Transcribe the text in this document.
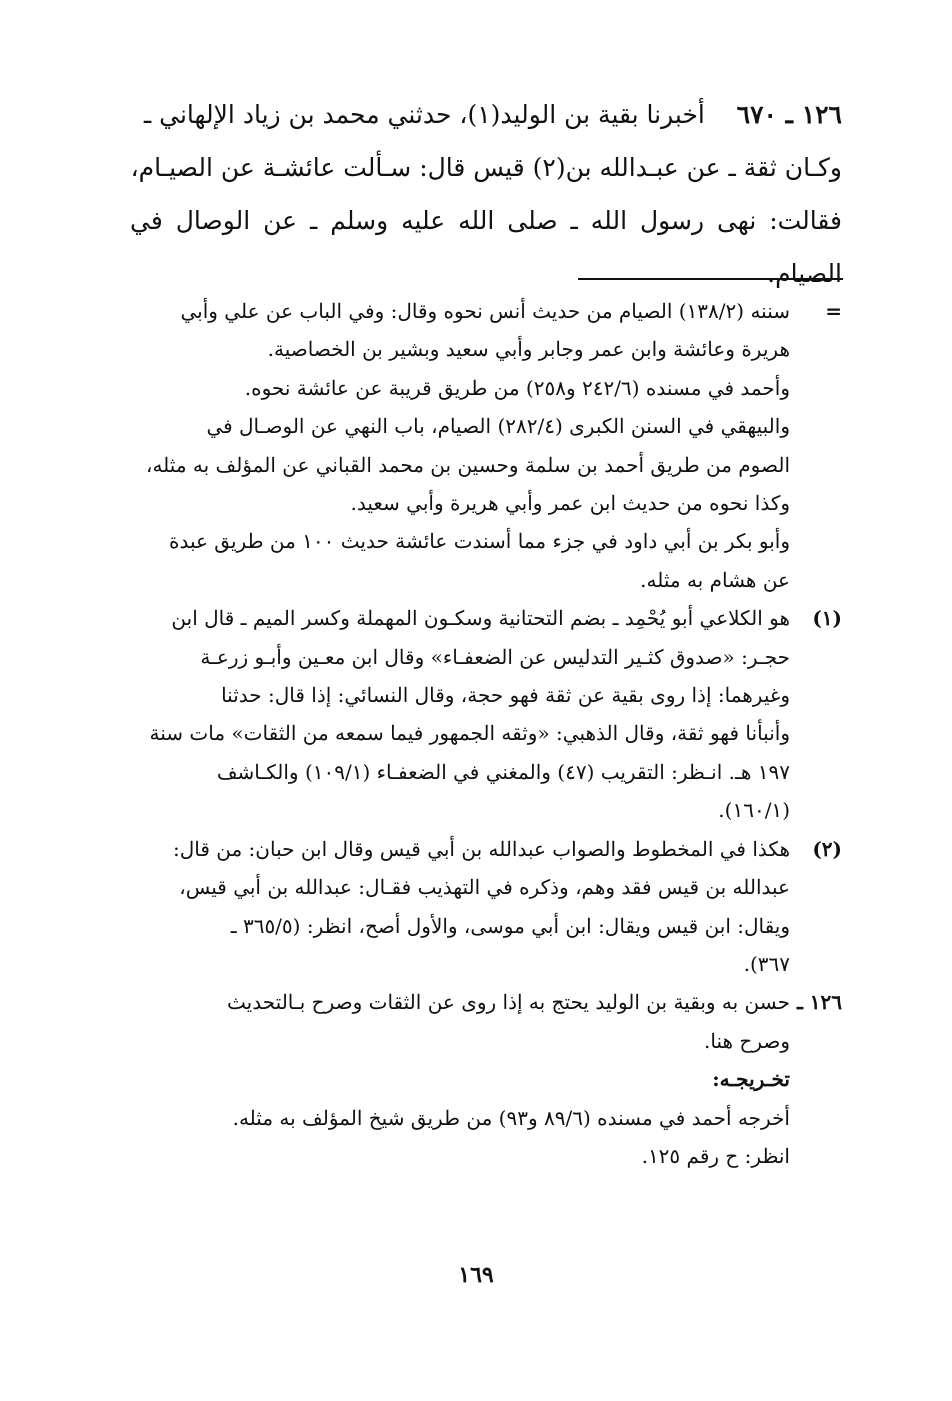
١٢٦ ـ ٦٧٠    أخبرنا بقية بن الوليد(١)، حدثني محمد بن زياد الإلهاني ـ

وكـان ثقة ـ عن عبـدالله بن(٢) قيس قال: سـألت عائشـة عن الصيـام،

فقالت: نهى رسول الله ـ صلى الله عليه وسلم ـ عن الوصال في الصيام.

=

سننه (١٣٨/٢) الصيام من حديث أنس نحوه وقال: وفي الباب عن علي وأبي

هريرة وعائشة وابن عمر وجابر وأبي سعيد وبشير بن الخصاصية.

وأحمد في مسنده (٢٤٢/٦ و٢٥٨) من طريق قريبة عن عائشة نحوه.

والبيهقي في السنن الكبرى (٢٨٢/٤) الصيام، باب النهي عن الوصـال في

الصوم من طريق أحمد بن سلمة وحسين بن محمد القباني عن المؤلف به مثله،

وكذا نحوه من حديث ابن عمر وأبي هريرة وأبي سعيد.

وأبو بكر بن أبي داود في جزء مما أسندت عائشة حديث ١٠٠ من طريق عبدة

عن هشام به مثله.

(١)

هو الكلاعي أبو يُحْمِد ـ بضم التحتانية وسكـون المهملة وكسر الميم ـ قال ابن

حجـر: «صدوق كثـير التدليس عن الضعفـاء» وقال ابن معـين وأبـو زرعـة

وغيرهما: إذا روى بقية عن ثقة فهو حجة، وقال النسائي: إذا قال: حدثنا

وأنبأنا فهو ثقة، وقال الذهبي: «وثقه الجمهور فيما سمعه من الثقات» مات سنة

١٩٧ هـ. انـظر: التقريب (٤٧) والمغني في الضعفـاء (١٠٩/١) والكـاشف

(١٦٠/١).

(٢)

هكذا في المخطوط والصواب عبدالله بن أبي قيس وقال ابن حبان: من قال:

عبدالله بن قيس فقد وهم، وذكره في التهذيب فقـال: عبدالله بن أبي قيس،

ويقال: ابن قيس ويقال: ابن أبي موسى، والأول أصح، انظر: (٣٦٥/٥ ـ

٣٦٧).

١٢٦ ـ

حسن به وبقية بن الوليد يحتج به إذا روى عن الثقات وصرح بـالتحديث

وصرح هنا.

تخـريجـه:

أخرجه أحمد في مسنده (٨٩/٦ و٩٣) من طريق شيخ المؤلف به مثله.

انظر: ح رقم ١٢٥.

١٦٩
